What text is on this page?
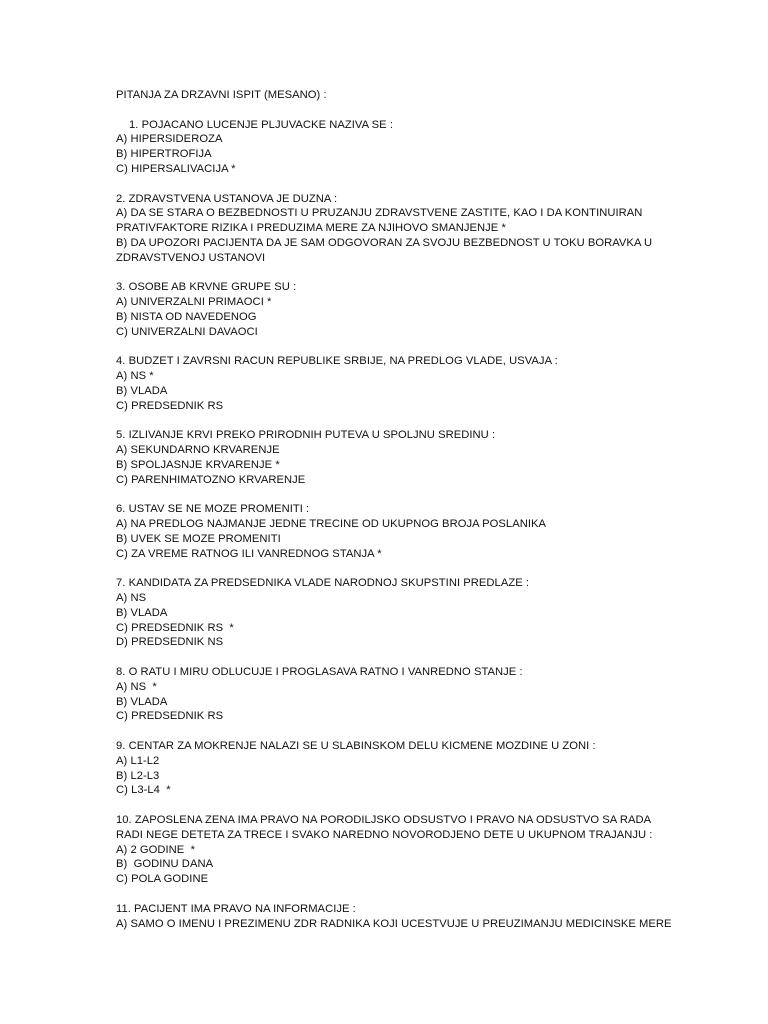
PITANJA ZA DRZAVNI ISPIT (MESANO) :

1. POJACANO LUCENJE PLJUVACKE NAZIVA SE :

A) HIPERSIDEROZA

B) HIPERTROFIJA

C) HIPERSALIVACIJA *

2. ZDRAVSTVENA USTANOVA JE DUZNA :

A) DA SE STARA O BEZBEDNOSTI U PRUZANJU ZDRAVSTVENE ZASTITE, KAO I DA KONTINUIRAN

PRATIVFAKTORE RIZIKA I PREDUZIMA MERE ZA NJIHOVO SMANJENJE *

B) DA UPOZORI PACIJENTA DA JE SAM ODGOVORAN ZA SVOJU BEZBEDNOST U TOKU BORAVKA U

ZDRAVSTVENOJ USTANOVI

3. OSOBE AB KRVNE GRUPE SU :

A) UNIVERZALNI PRIMAOCI *

B) NISTA OD NAVEDENOG

C) UNIVERZALNI DAVAOCI

4. BUDZET I ZAVRSNI RACUN REPUBLIKE SRBIJE, NA PREDLOG VLADE, USVAJA :

A) NS *

B) VLADA

C) PREDSEDNIK RS

5. IZLIVANJE KRVI PREKO PRIRODNIH PUTEVA U SPOLJNU SREDINU :

A) SEKUNDARNO KRVARENJE

B) SPOLJASNJE KRVARENJE *

C) PARENHIMATOZNO KRVARENJE

6. USTAV SE NE MOZE PROMENITI :

A) NA PREDLOG NAJMANJE JEDNE TRECINE OD UKUPNOG BROJA POSLANIKA

B) UVEK SE MOZE PROMENITI

C) ZA VREME RATNOG ILI VANREDNOG STANJA *

7. KANDIDATA ZA PREDSEDNIKA VLADE NARODNOJ SKUPSTINI PREDLAZE :

A) NS

B) VLADA

C) PREDSEDNIK RS  *

D) PREDSEDNIK NS

8. O RATU I MIRU ODLUCUJE I PROGLASAVA RATNO I VANREDNO STANJE :

A) NS  *

B) VLADA

C) PREDSEDNIK RS

9. CENTAR ZA MOKRENJE NALAZI SE U SLABINSKOM DELU KICMENE MOZDINE U ZONI :

A) L1-L2

B) L2-L3

C) L3-L4  *

10. ZAPOSLENA ZENA IMA PRAVO NA PORODILJSKO ODSUSTVO I PRAVO NA ODSUSTVO SA RADA

RADI NEGE DETETA ZA TRECE I SVAKO NAREDNO NOVORODJENO DETE U UKUPNOM TRAJANJU :

A) 2 GODINE  *

B)  GODINU DANA

C) POLA GODINE

11. PACIJENT IMA PRAVO NA INFORMACIJE :

A) SAMO O IMENU I PREZIMENU ZDR RADNIKA KOJI UCESTVUJE U PREUZIMANJU MEDICINSKE MERE
